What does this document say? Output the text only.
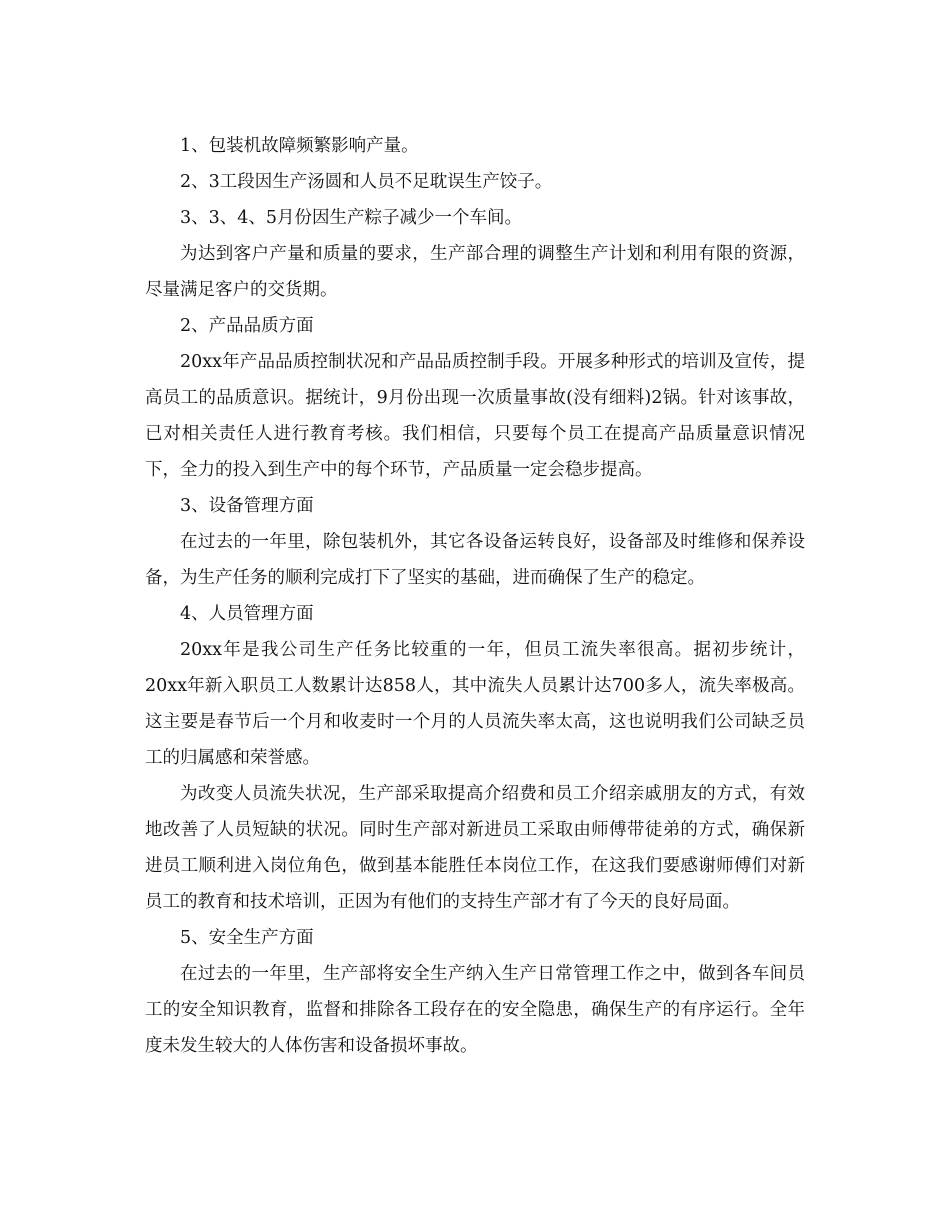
1、包装机故障频繁影响产量。

2、3工段因生产汤圆和人员不足耽误生产饺子。

3、3、4、5月份因生产粽子减少一个车间。

为达到客户产量和质量的要求，生产部合理的调整生产计划和利用有限的资源，尽量满足客户的交货期。

2、产品品质方面

20xx年产品品质控制状况和产品品质控制手段。开展多种形式的培训及宣传，提高员工的品质意识。据统计，9月份出现一次质量事故(没有细料)2锅。针对该事故，已对相关责任人进行教育考核。我们相信，只要每个员工在提高产品质量意识情况下，全力的投入到生产中的每个环节，产品质量一定会稳步提高。

3、设备管理方面

在过去的一年里，除包装机外，其它各设备运转良好，设备部及时维修和保养设备，为生产任务的顺利完成打下了坚实的基础，进而确保了生产的稳定。

4、人员管理方面

20xx年是我公司生产任务比较重的一年，但员工流失率很高。据初步统计，20xx年新入职员工人数累计达858人，其中流失人员累计达700多人，流失率极高。这主要是春节后一个月和收麦时一个月的人员流失率太高，这也说明我们公司缺乏员工的归属感和荣誉感。

为改变人员流失状况，生产部采取提高介绍费和员工介绍亲戚朋友的方式，有效地改善了人员短缺的状况。同时生产部对新进员工采取由师傅带徒弟的方式，确保新进员工顺利进入岗位角色，做到基本能胜任本岗位工作，在这我们要感谢师傅们对新员工的教育和技术培训，正因为有他们的支持生产部才有了今天的良好局面。

5、安全生产方面

在过去的一年里，生产部将安全生产纳入生产日常管理工作之中，做到各车间员工的安全知识教育，监督和排除各工段存在的安全隐患，确保生产的有序运行。全年度未发生较大的人体伤害和设备损坏事故。
